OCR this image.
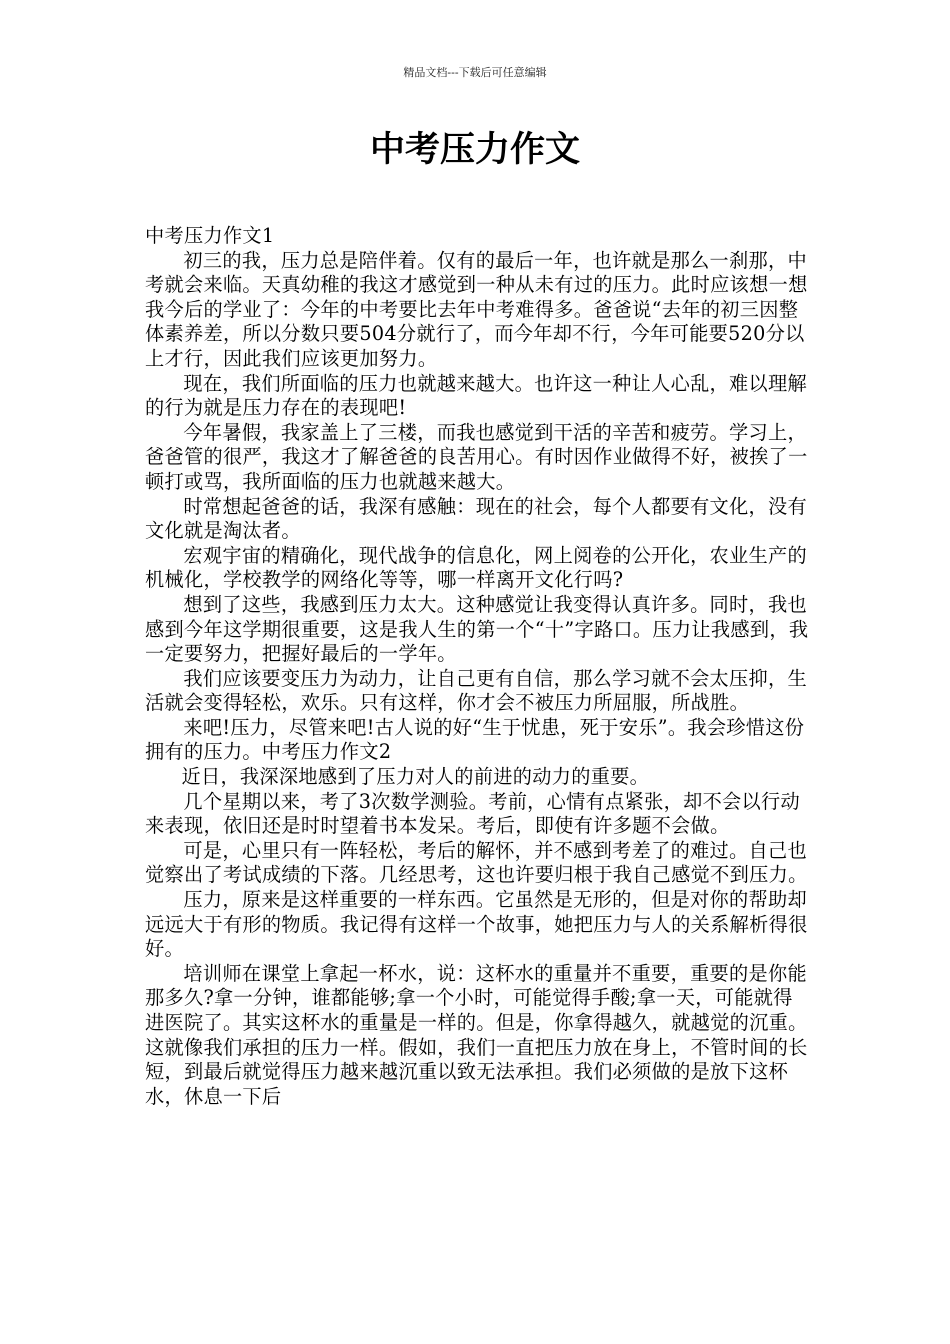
精品文档---下载后可任意编辑
中考压力作文

中考压力作文1

初三的我，压力总是陪伴着。仅有的最后一年，也许就是那么一刹那，中考就会来临。天真幼稚的我这才感觉到一种从未有过的压力。此时应该想一想我今后的学业了：今年的中考要比去年中考难得多。爸爸说“去年的初三因整体素养差，所以分数只要504分就行了，而今年却不行，今年可能要520分以上才行，因此我们应该更加努力。

现在，我们所面临的压力也就越来越大。也许这一种让人心乱，难以理解的行为就是压力存在的表现吧!

今年暑假，我家盖上了三楼，而我也感觉到干活的辛苦和疲劳。学习上，爸爸管的很严，我这才了解爸爸的良苦用心。有时因作业做得不好，被挨了一顿打或骂，我所面临的压力也就越来越大。

时常想起爸爸的话，我深有感触：现在的社会，每个人都要有文化，没有文化就是淘汰者。

宏观宇宙的精确化，现代战争的信息化，网上阅卷的公开化，农业生产的机械化，学校教学的网络化等等，哪一样离开文化行吗?

想到了这些，我感到压力太大。这种感觉让我变得认真许多。同时，我也感到今年这学期很重要，这是我人生的第一个“十”字路口。压力让我感到，我一定要努力，把握好最后的一学年。

我们应该要变压力为动力，让自己更有自信，那么学习就不会太压抑，生活就会变得轻松，欢乐。只有这样，你才会不被压力所屈服，所战胜。

来吧!压力，尽管来吧!古人说的好“生于忧患，死于安乐”。我会珍惜这份拥有的压力。中考压力作文2

近日，我深深地感到了压力对人的前进的动力的重要。

几个星期以来，考了3次数学测验。考前，心情有点紧张，却不会以行动来表现，依旧还是时时望着书本发呆。考后，即使有许多题不会做。

可是，心里只有一阵轻松，考后的解怀，并不感到考差了的难过。自己也觉察出了考试成绩的下落。几经思考，这也许要归根于我自己感觉不到压力。

压力，原来是这样重要的一样东西。它虽然是无形的，但是对你的帮助却远远大于有形的物质。我记得有这样一个故事，她把压力与人的关系解析得很好。

培训师在课堂上拿起一杯水，说：这杯水的重量并不重要，重要的是你能那多久?拿一分钟，谁都能够;拿一个小时，可能觉得手酸;拿一天，可能就得进医院了。其实这杯水的重量是一样的。但是，你拿得越久，就越觉的沉重。这就像我们承担的压力一样。假如，我们一直把压力放在身上，不管时间的长短，到最后就觉得压力越来越沉重以致无法承担。我们必须做的是放下这杯水，休息一下后
